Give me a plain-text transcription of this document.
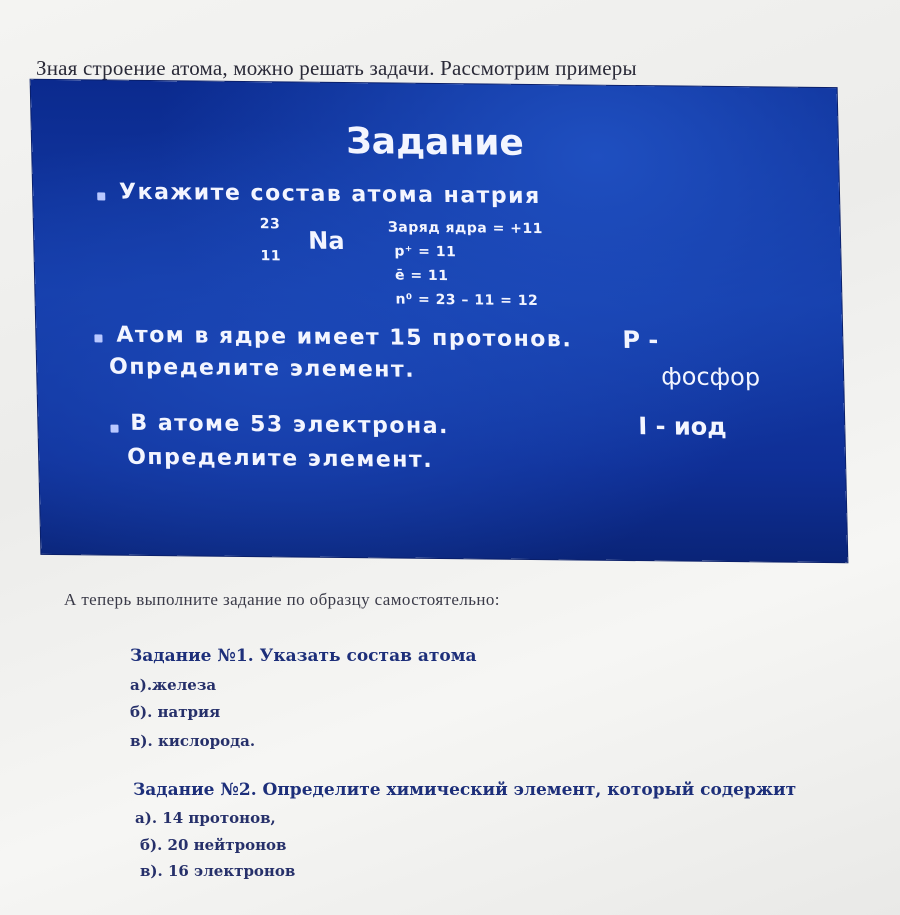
Зная строение атома, можно решать задачи. Рассмотрим примеры
Задание
Укажите состав атома натрия
23
11
Na	Заряд ядра = +11
p⁺ = 11
ē = 11
n⁰ = 23 – 11 = 12
Атом в ядре имеет 15 протонов.
Определите элемент.
P -
фосфор
В атоме 53 электрона.
Определите элемент.
I - иод
А теперь выполните задание по образцу самостоятельно:
Задание №1. Указать состав атома
а).железа
б). натрия
в). кислорода.
Задание №2. Определите химический элемент, который содержит
а). 14 протонов,
б). 20 нейтронов
в). 16 электронов
